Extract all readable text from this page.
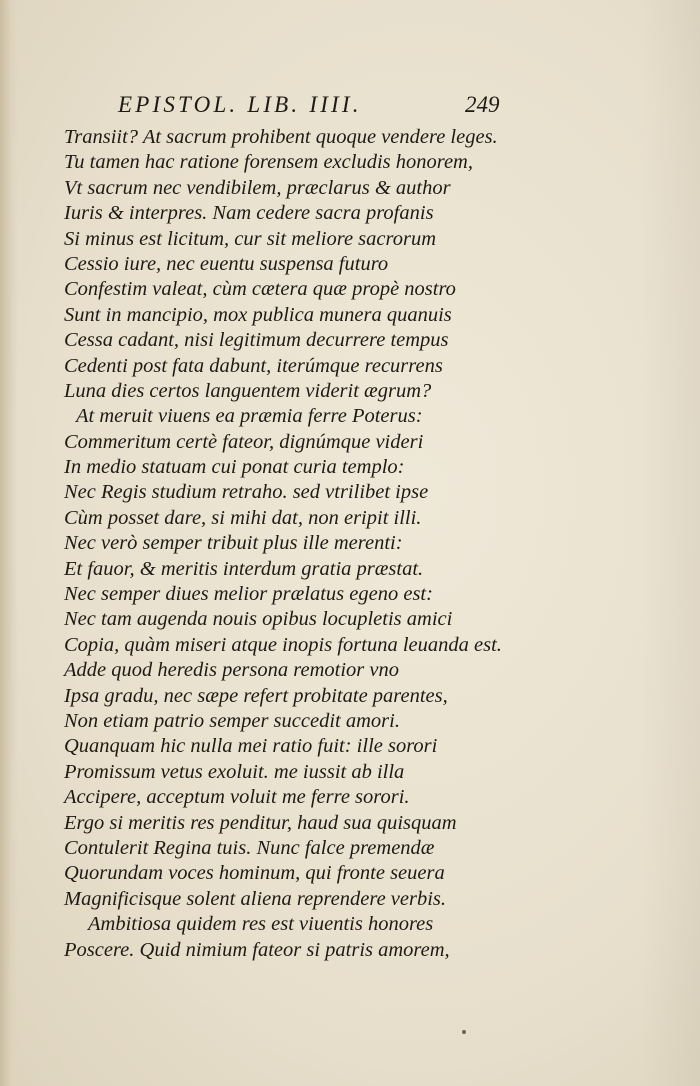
EPISTOL. LIB. IIII.	249
Transiit? At sacrum prohibent quoque vendere leges.
Tu tamen hac ratione forensem excludis honorem,
Vt sacrum nec vendibilem, præclarus & author
Iuris & interpres. Nam cedere sacra profanis
Si minus est licitum, cur sit meliore sacrorum
Cessio iure, nec euentu suspensa futuro
Confestim valeat, cùm cætera quæ propè nostro
Sunt in mancipio, mox publica munera quanuis
Cessa cadant, nisi legitimum decurrere tempus
Cedenti post fata dabunt, iterúmque recurrens
Luna dies certos languentem viderit ægrum?
At meruit viuens ea præmia ferre Poterus:
Commeritum certè fateor, dignúmque videri
In medio statuam cui ponat curia templo:
Nec Regis studium retraho. sed vtrilibet ipse
Cùm posset dare, si mihi dat, non eripit illi.
Nec verò semper tribuit plus ille merenti:
Et fauor, & meritis interdum gratia præstat.
Nec semper diues melior prælatus egeno est:
Nec tam augenda nouis opibus locupletis amici
Copia, quàm miseri atque inopis fortuna leuanda est.
Adde quod heredis persona remotior vno
Ipsa gradu, nec sæpe refert probitate parentes,
Non etiam patrio semper succedit amori.
Quanquam hic nulla mei ratio fuit: ille sorori
Promissum vetus exoluit. me iussit ab illa
Accipere, acceptum voluit me ferre sorori.
Ergo si meritis res penditur, haud sua quisquam
Contulerit Regina tuis. Nunc falce premendæ
Quorundam voces hominum, qui fronte seuera
Magnificisque solent aliena reprendere verbis.
Ambitiosa quidem res est viuentis honores
Poscere. Quid nimium fateor si patris amorem,
